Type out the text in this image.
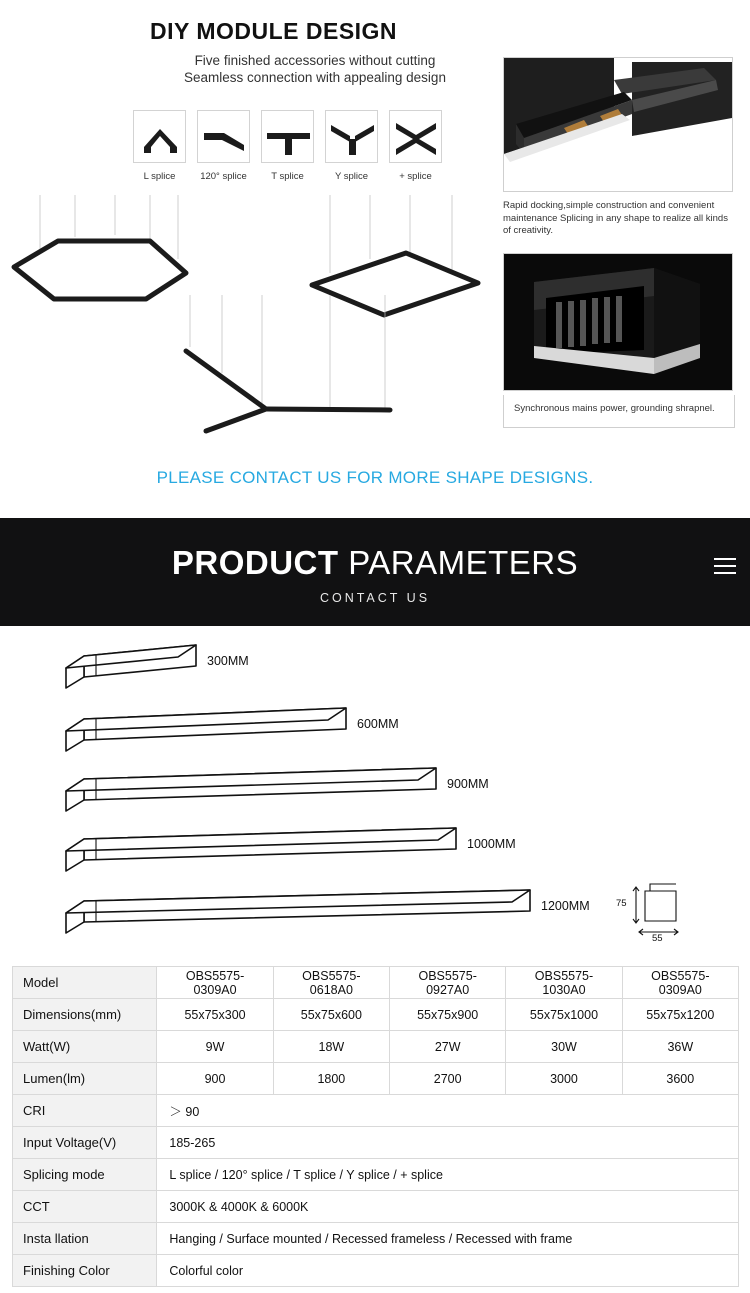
DIY MODULE DESIGN
Five finished accessories without cutting
Seamless connection with appealing design
L splice	120° splice	T splice	Y splice	+ splice
PLEASE CONTACT US FOR MORE SHAPE DESIGNS.
Rapid docking,simple construction and convenient maintenance Splicing in any shape to realize all kinds of creativity.
Synchronous mains power, grounding shrapnel.
PRODUCT PARAMETERS
CONTACT US
300MM
600MM
900MM
1000MM
1200MM	75
55
Model	OBS5575-0309A0	OBS5575-0618A0	OBS5575-0927A0	OBS5575-1030A0	OBS5575-0309A0
Dimensions(mm)	55x75x300	55x75x600	55x75x900	55x75x1000	55x75x1200
Watt(W)	9W	18W	27W	30W	36W
Lumen(lm)	900	1800	2700	3000	3600
CRI	＞ 90				
Input Voltage(V)	185-265				
Splicing mode	L splice / 120° splice / T splice / Y splice / + splice				
CCT	3000K & 4000K & 6000K				
Insta llation	Hanging / Surface mounted / Recessed frameless / Recessed with frame				
Finishing Color	Colorful color				
